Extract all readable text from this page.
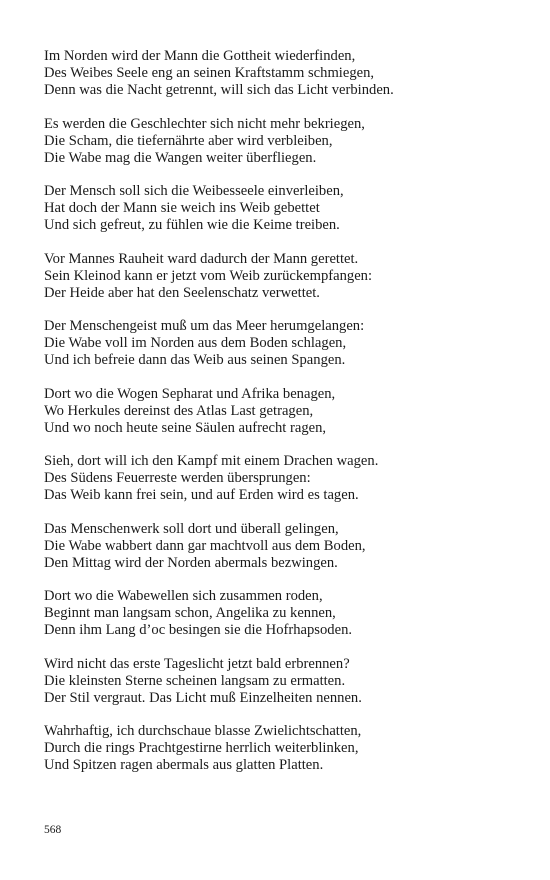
Im Norden wird der Mann die Gottheit wiederfinden,
Des Weibes Seele eng an seinen Kraftstamm schmiegen,
Denn was die Nacht getrennt, will sich das Licht verbinden.
Es werden die Geschlechter sich nicht mehr bekriegen,
Die Scham, die tiefernährte aber wird verbleiben,
Die Wabe mag die Wangen weiter überfliegen.
Der Mensch soll sich die Weibesseele einverleiben,
Hat doch der Mann sie weich ins Weib gebettet
Und sich gefreut, zu fühlen wie die Keime treiben.
Vor Mannes Rauheit ward dadurch der Mann gerettet.
Sein Kleinod kann er jetzt vom Weib zurückempfangen:
Der Heide aber hat den Seelenschatz verwettet.
Der Menschengeist muß um das Meer herumgelangen:
Die Wabe voll im Norden aus dem Boden schlagen,
Und ich befreie dann das Weib aus seinen Spangen.
Dort wo die Wogen Sepharat und Afrika benagen,
Wo Herkules dereinst des Atlas Last getragen,
Und wo noch heute seine Säulen aufrecht ragen,
Sieh, dort will ich den Kampf mit einem Drachen wagen.
Des Südens Feuerreste werden übersprungen:
Das Weib kann frei sein, und auf Erden wird es tagen.
Das Menschenwerk soll dort und überall gelingen,
Die Wabe wabbert dann gar machtvoll aus dem Boden,
Den Mittag wird der Norden abermals bezwingen.
Dort wo die Wabewellen sich zusammen roden,
Beginnt man langsam schon, Angelika zu kennen,
Denn ihm Lang d’oc besingen sie die Hofrhapsoden.
Wird nicht das erste Tageslicht jetzt bald erbrennen?
Die kleinsten Sterne scheinen langsam zu ermatten.
Der Stil vergraut. Das Licht muß Einzelheiten nennen.
Wahrhaftig, ich durchschaue blasse Zwielichtschatten,
Durch die rings Prachtgestirne herrlich weiterblinken,
Und Spitzen ragen abermals aus glatten Platten.
568
